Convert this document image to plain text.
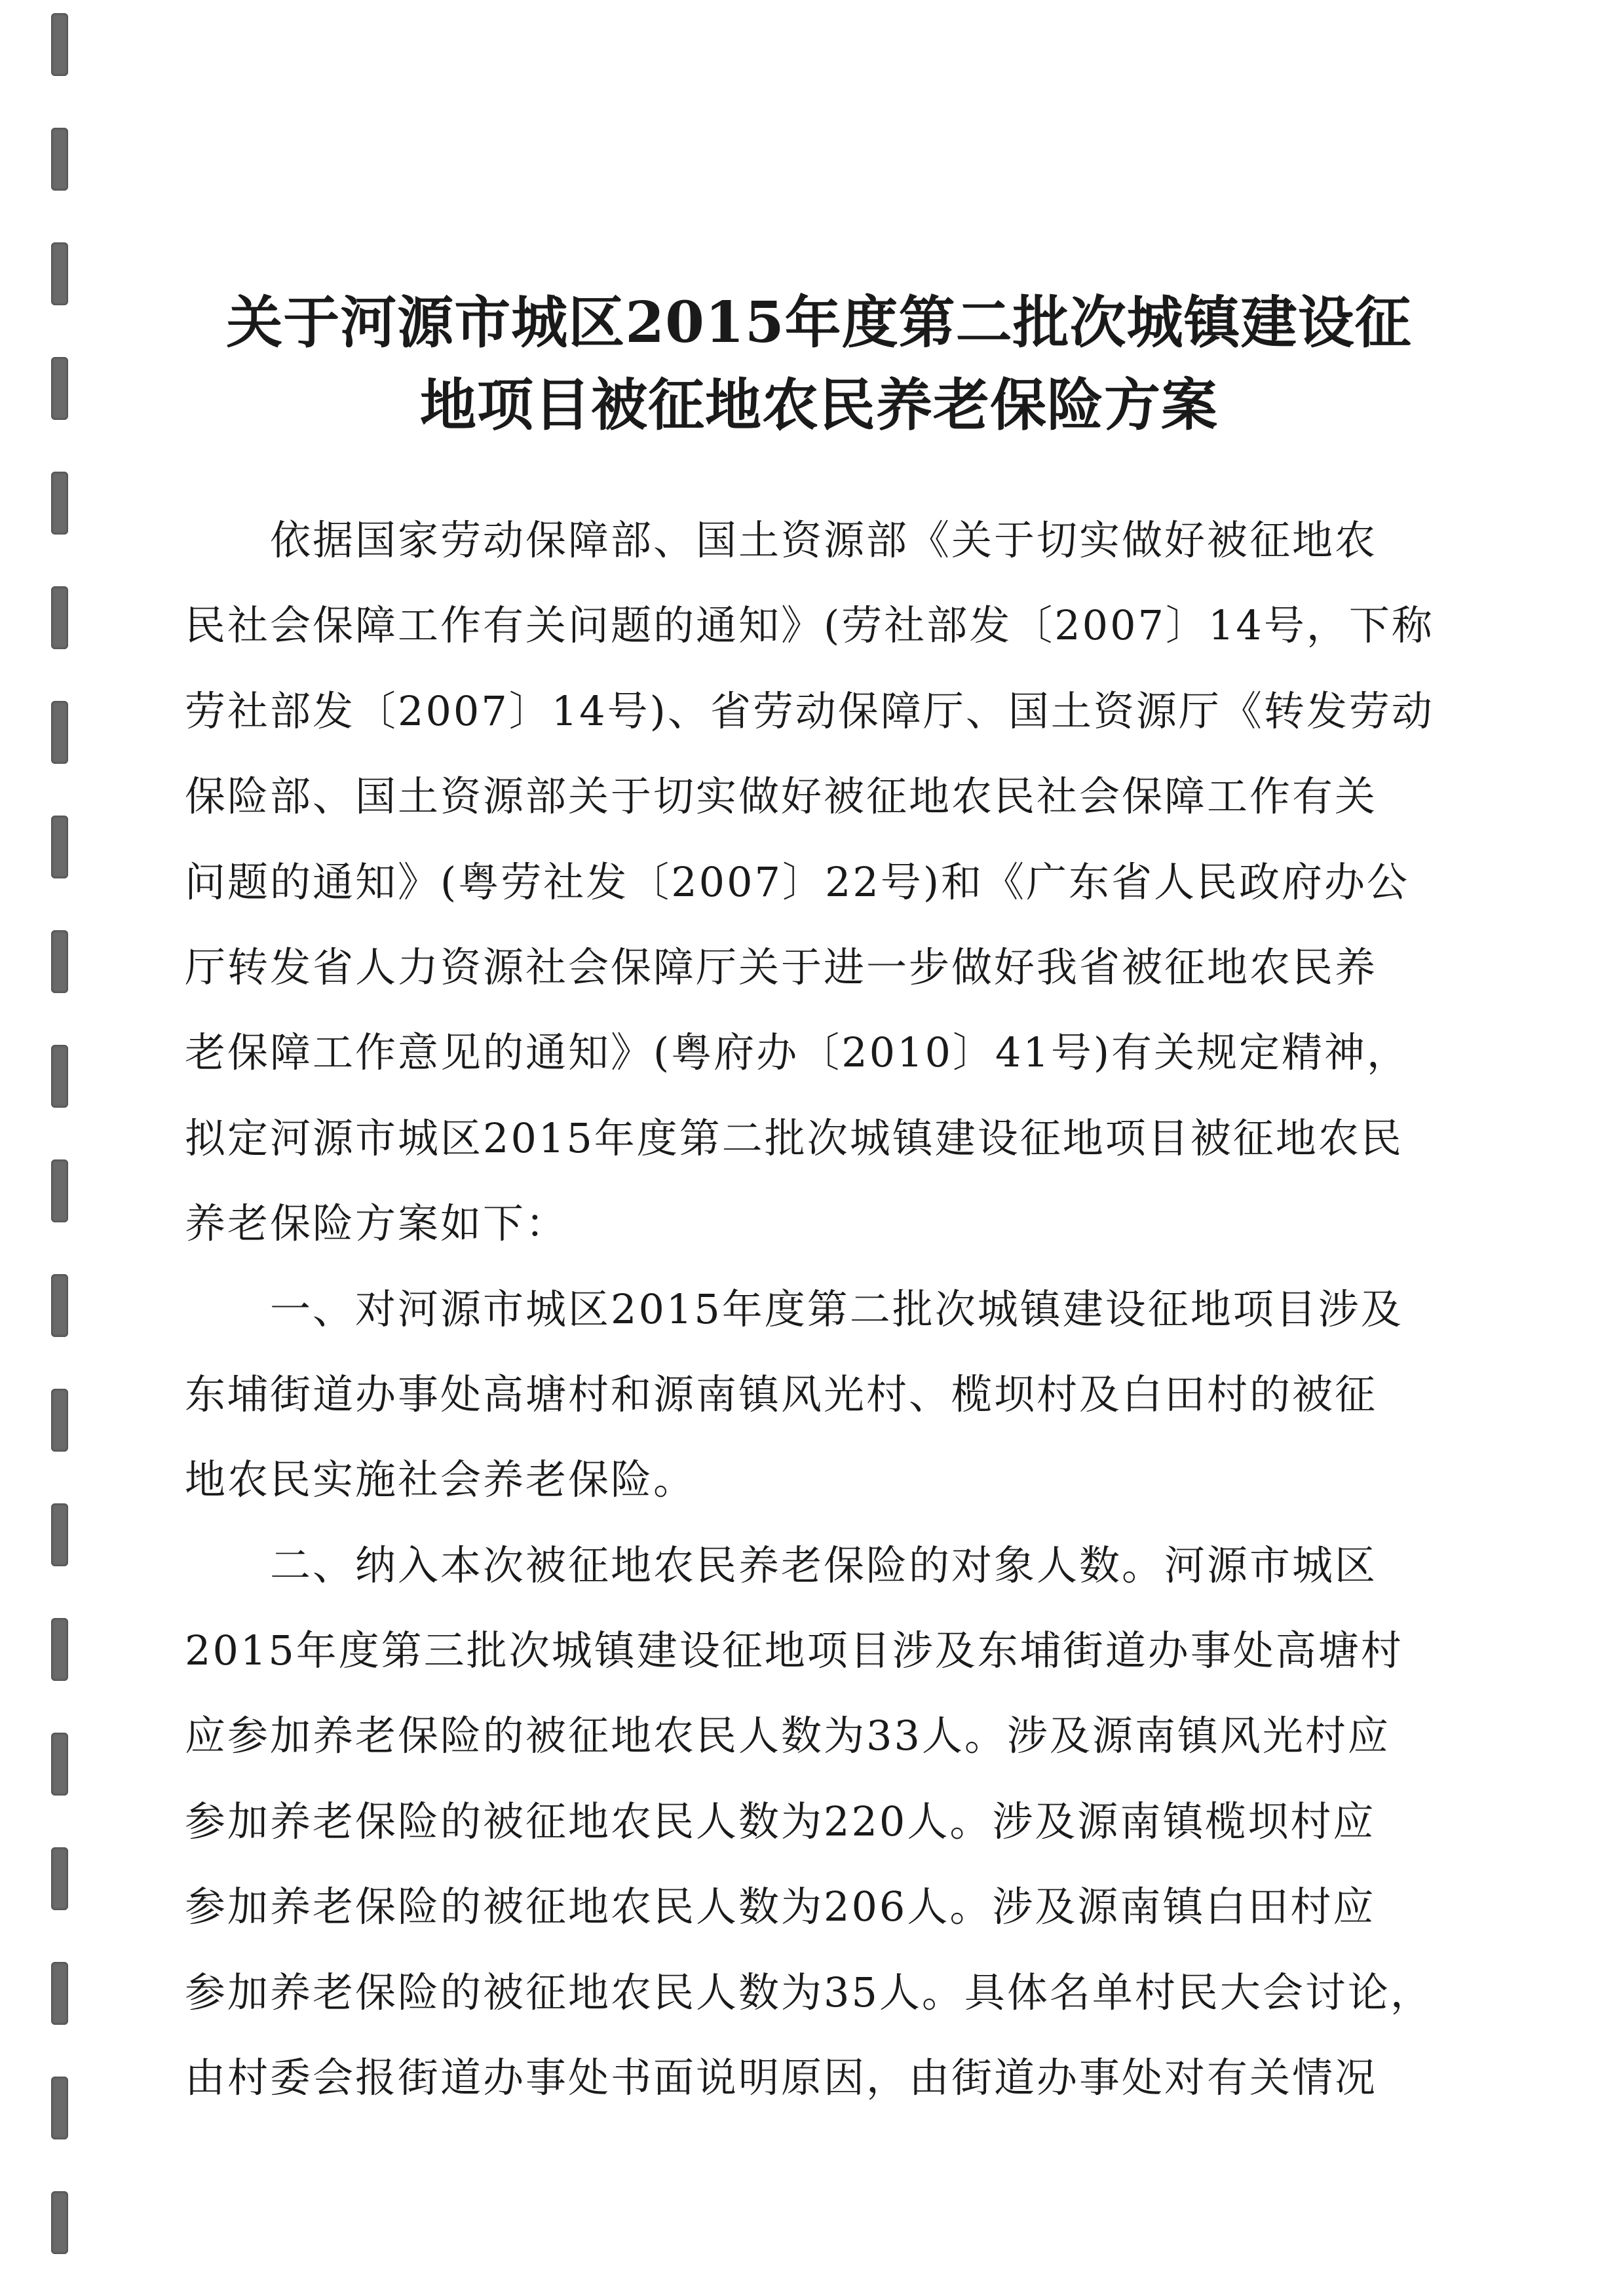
关于河源市城区2015年度第二批次城镇建设征
地项目被征地农民养老保险方案
　　依据国家劳动保障部、国土资源部《关于切实做好被征地农
民社会保障工作有关问题的通知》(劳社部发〔2007〕14号，下称
劳社部发〔2007〕14号)、省劳动保障厅、国土资源厅《转发劳动
保险部、国土资源部关于切实做好被征地农民社会保障工作有关
问题的通知》(粤劳社发〔2007〕22号)和《广东省人民政府办公
厅转发省人力资源社会保障厅关于进一步做好我省被征地农民养
老保障工作意见的通知》(粤府办〔2010〕41号)有关规定精神，
拟定河源市城区2015年度第二批次城镇建设征地项目被征地农民
养老保险方案如下：
　　一、对河源市城区2015年度第二批次城镇建设征地项目涉及
东埔街道办事处高塘村和源南镇风光村、榄坝村及白田村的被征
地农民实施社会养老保险。
　　二、纳入本次被征地农民养老保险的对象人数。河源市城区
2015年度第三批次城镇建设征地项目涉及东埔街道办事处高塘村
应参加养老保险的被征地农民人数为33人。涉及源南镇风光村应
参加养老保险的被征地农民人数为220人。涉及源南镇榄坝村应
参加养老保险的被征地农民人数为206人。涉及源南镇白田村应
参加养老保险的被征地农民人数为35人。具体名单村民大会讨论，
由村委会报街道办事处书面说明原因，由街道办事处对有关情况
